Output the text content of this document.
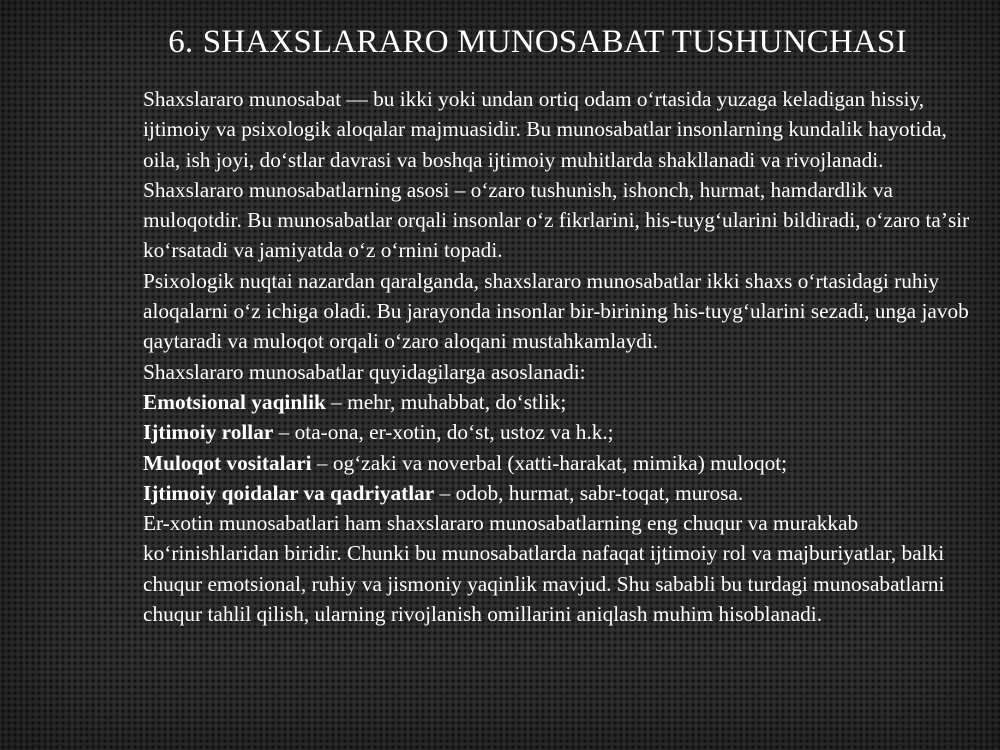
6. SHAXSLARARO MUNOSABAT TUSHUNCHASI

Shaxslararo munosabat — bu ikki yoki undan ortiq odam oʻrtasida yuzaga keladigan hissiy, ijtimoiy va psixologik aloqalar majmuasidir. Bu munosabatlar insonlarning kundalik hayotida, oila, ish joyi, doʻstlar davrasi va boshqa ijtimoiy muhitlarda shakllanadi va rivojlanadi.

Shaxslararo munosabatlarning asosi – oʻzaro tushunish, ishonch, hurmat, hamdardlik va muloqotdir. Bu munosabatlar orqali insonlar oʻz fikrlarini, his-tuygʻularini bildiradi, oʻzaro taʼsir koʻrsatadi va jamiyatda oʻz oʻrnini topadi.

Psixologik nuqtai nazardan qaralganda, shaxslararo munosabatlar ikki shaxs oʻrtasidagi ruhiy aloqalarni oʻz ichiga oladi. Bu jarayonda insonlar bir-birining his-tuygʻularini sezadi, unga javob qaytaradi va muloqot orqali oʻzaro aloqani mustahkamlaydi.

Shaxslararo munosabatlar quyidagilarga asoslanadi:

Emotsional yaqinlik – mehr, muhabbat, doʻstlik;

Ijtimoiy rollar – ota-ona, er-xotin, doʻst, ustoz va h.k.;

Muloqot vositalari – ogʻzaki va noverbal (xatti-harakat, mimika) muloqot;

Ijtimoiy qoidalar va qadriyatlar – odob, hurmat, sabr-toqat, murosa.

Er-xotin munosabatlari ham shaxslararo munosabatlarning eng chuqur va murakkab koʻrinishlaridan biridir. Chunki bu munosabatlarda nafaqat ijtimoiy rol va majburiyatlar, balki chuqur emotsional, ruhiy va jismoniy yaqinlik mavjud. Shu sababli bu turdagi munosabatlarni chuqur tahlil qilish, ularning rivojlanish omillarini aniqlash muhim hisoblanadi.
